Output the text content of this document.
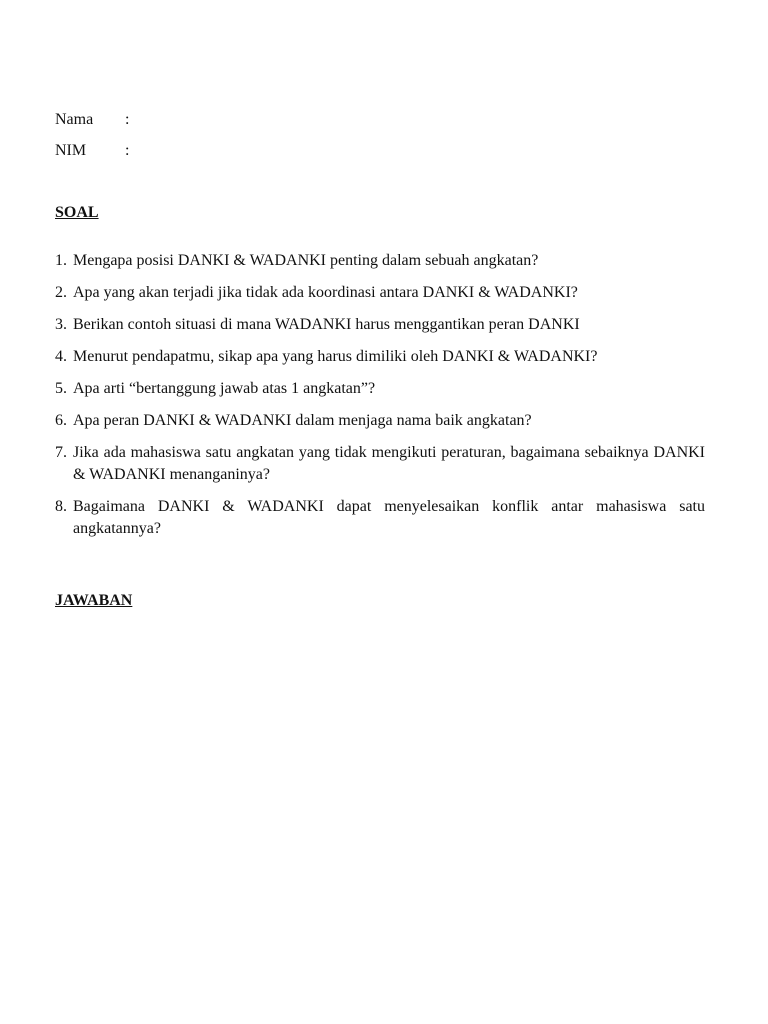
Nama	:
NIM	:
SOAL
1. Mengapa posisi DANKI & WADANKI penting dalam sebuah angkatan?
2. Apa yang akan terjadi jika tidak ada koordinasi antara DANKI & WADANKI?
3. Berikan contoh situasi di mana WADANKI harus menggantikan peran DANKI
4. Menurut pendapatmu, sikap apa yang harus dimiliki oleh DANKI & WADANKI?
5. Apa arti “bertanggung jawab atas 1 angkatan”?
6. Apa peran DANKI & WADANKI dalam menjaga nama baik angkatan?
7. Jika ada mahasiswa satu angkatan yang tidak mengikuti peraturan, bagaimana sebaiknya DANKI & WADANKI menanganinya?
8. Bagaimana DANKI & WADANKI dapat menyelesaikan konflik antar mahasiswa satu angkatannya?
JAWABAN
